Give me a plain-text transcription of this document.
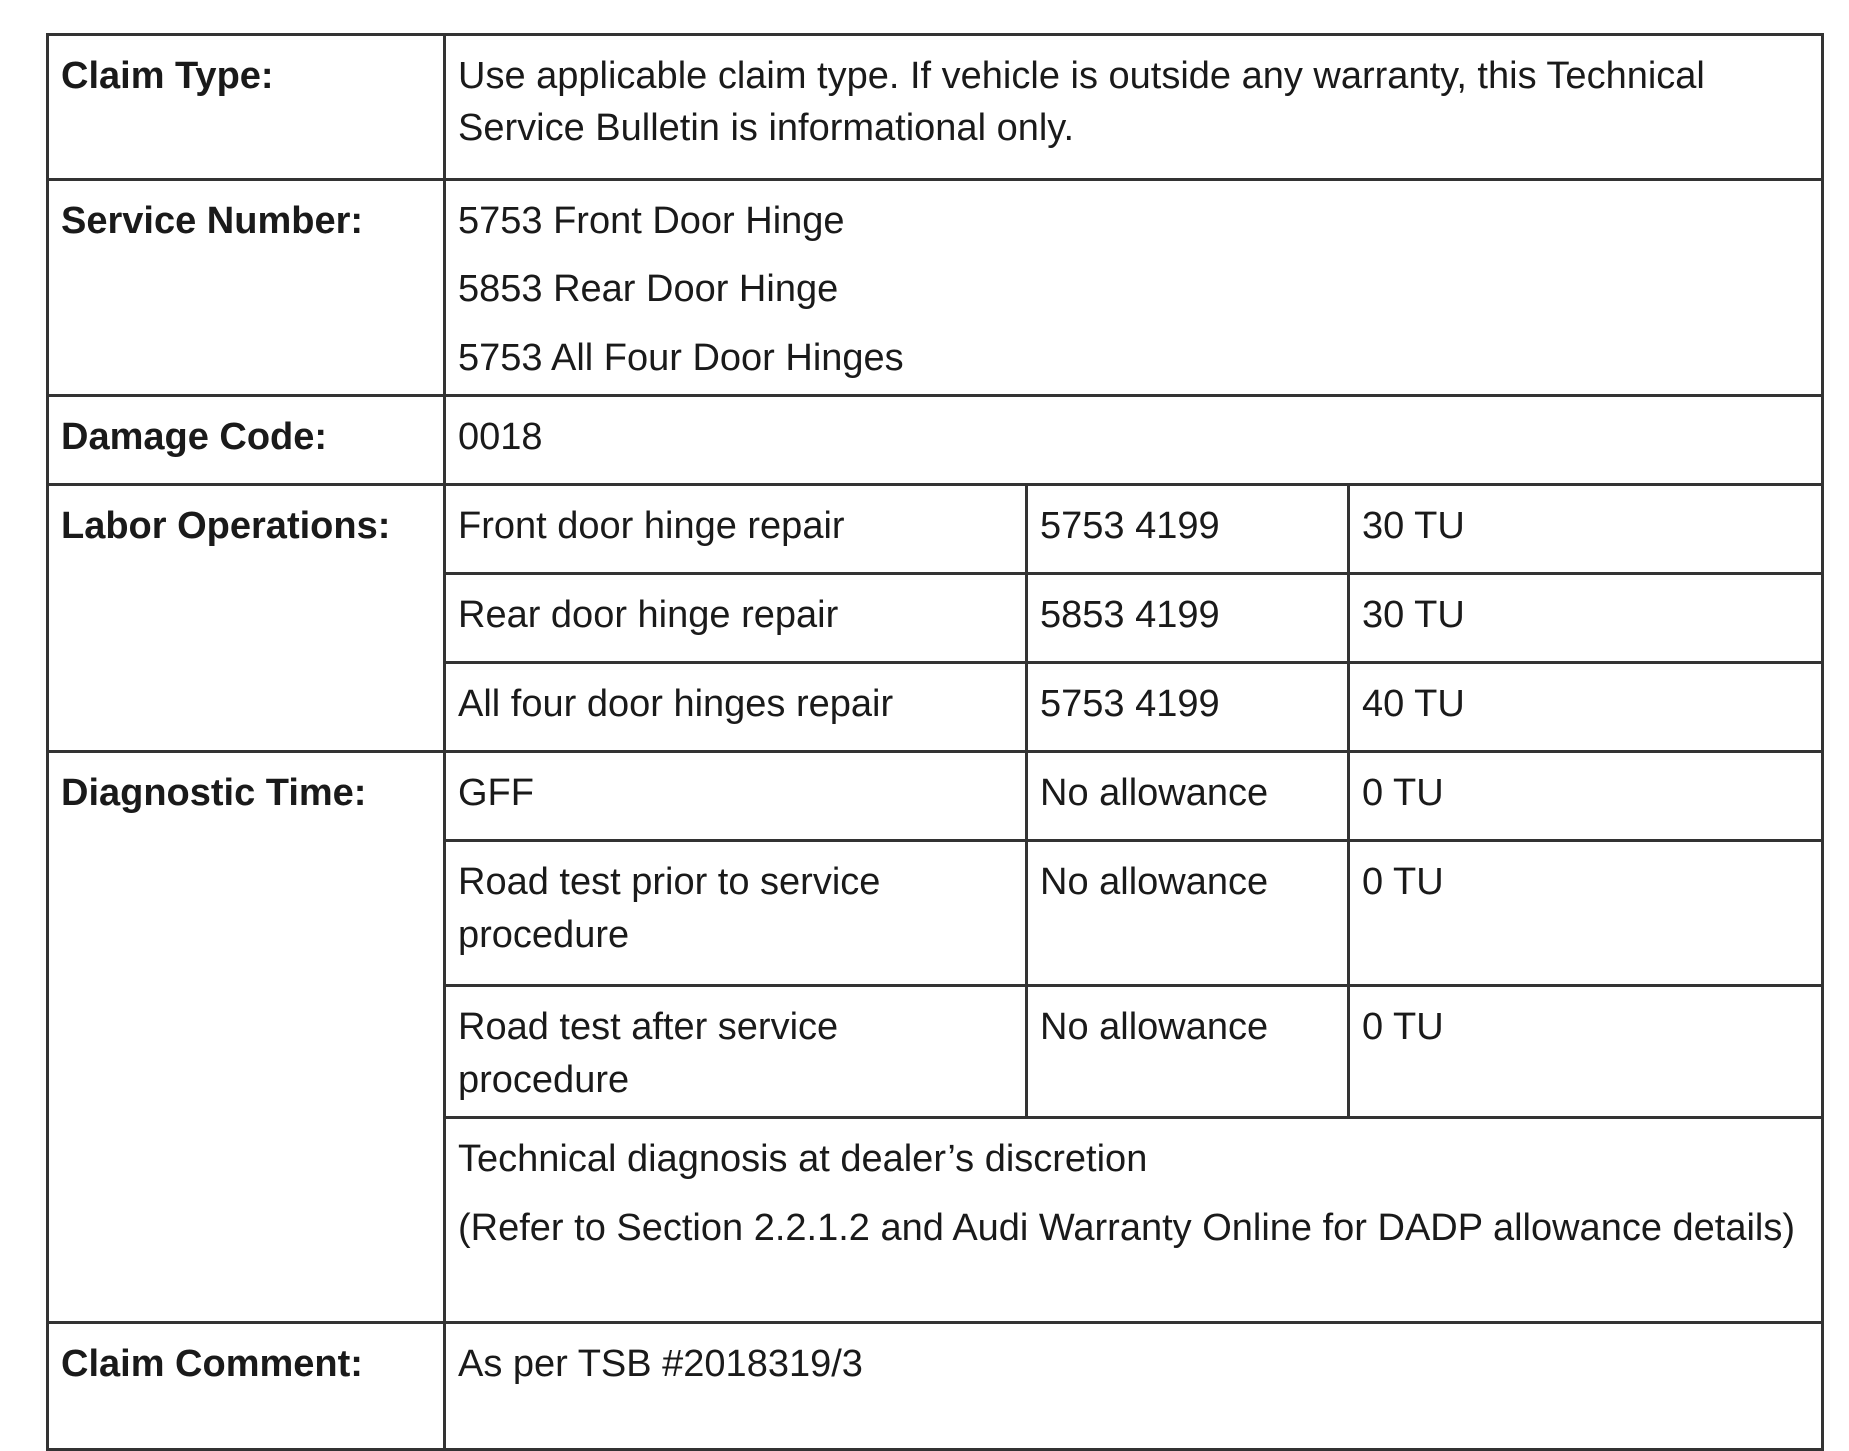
Claim Type:	Use applicable claim type. If vehicle is outside any warranty, this Technical Service Bulletin is informational only.		
Service Number:	5753 Front Door Hinge

5853 Rear Door Hinge

5753 All Four Door Hinges		

Damage Code:	0018		
Labor Operations:	Front door hinge repair	5753 4199	30 TU
	Rear door hinge repair	5853 4199	30 TU
	All four door hinges repair	5753 4199	40 TU
Diagnostic Time:	GFF	No allowance	0 TU
	Road test prior to service procedure	No allowance	0 TU
	Road test after service procedure	No allowance	0 TU

	Technical diagnosis at dealer’s discretion

(Refer to Section 2.2.1.2 and Audi Warranty Online for DADP allowance details)		

Claim Comment:	As per TSB #2018319/3		
